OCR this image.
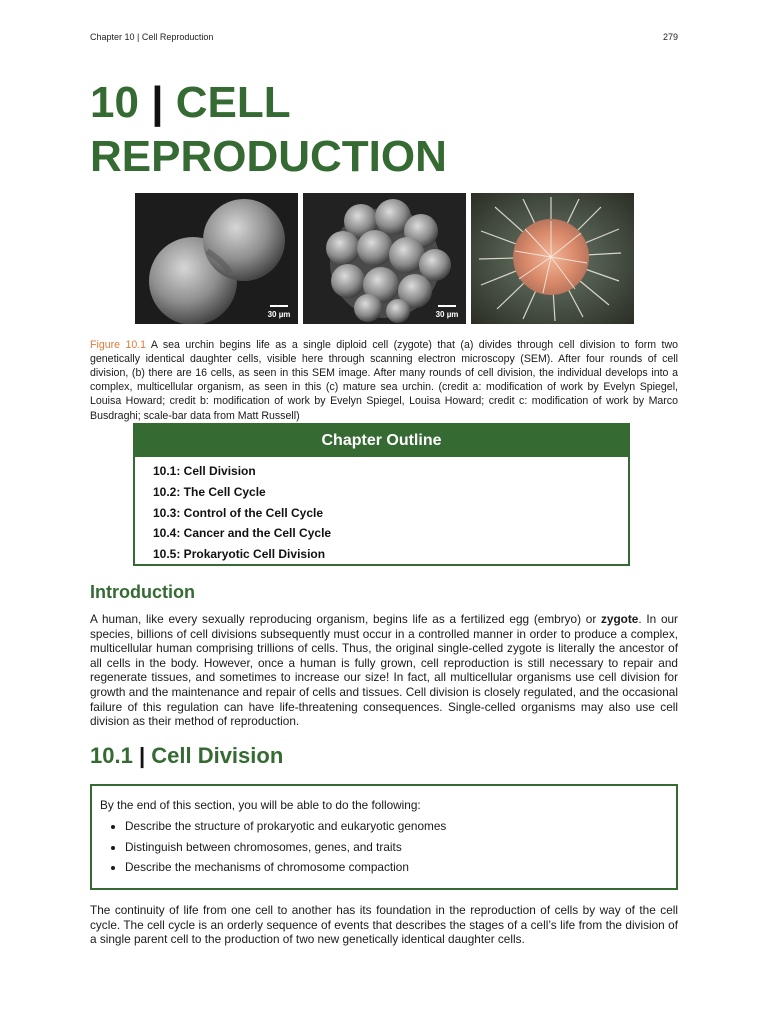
Chapter 10 | Cell Reproduction	279
10 | CELL
REPRODUCTION
30 µm	30 µm

Figure 10.1 A sea urchin begins life as a single diploid cell (zygote) that (a) divides through cell division to form two genetically identical daughter cells, visible here through scanning electron microscopy (SEM). After four rounds of cell division, (b) there are 16 cells, as seen in this SEM image. After many rounds of cell division, the individual develops into a complex, multicellular organism, as seen in this (c) mature sea urchin. (credit a: modification of work by Evelyn Spiegel, Louisa Howard; credit b: modification of work by Evelyn Spiegel, Louisa Howard; credit c: modification of work by Marco Busdraghi; scale-bar data from Matt Russell)

Chapter Outline
10.1: Cell Division
10.2: The Cell Cycle
10.3: Control of the Cell Cycle
10.4: Cancer and the Cell Cycle
10.5: Prokaryotic Cell Division
Introduction

A human, like every sexually reproducing organism, begins life as a fertilized egg (embryo) or zygote. In our species, billions of cell divisions subsequently must occur in a controlled manner in order to produce a complex, multicellular human comprising trillions of cells. Thus, the original single-celled zygote is literally the ancestor of all cells in the body. However, once a human is fully grown, cell reproduction is still necessary to repair and regenerate tissues, and sometimes to increase our size! In fact, all multicellular organisms use cell division for growth and the maintenance and repair of cells and tissues. Cell division is closely regulated, and the occasional failure of this regulation can have life-threatening consequences. Single-celled organisms may also use cell division as their method of reproduction.

10.1 | Cell Division

By the end of this section, you will be able to do the following:

• Describe the structure of prokaryotic and eukaryotic genomes
• Distinguish between chromosomes, genes, and traits
• Describe the mechanisms of chromosome compaction

The continuity of life from one cell to another has its foundation in the reproduction of cells by way of the cell cycle. The cell cycle is an orderly sequence of events that describes the stages of a cell’s life from the division of a single parent cell to the production of two new genetically identical daughter cells.
